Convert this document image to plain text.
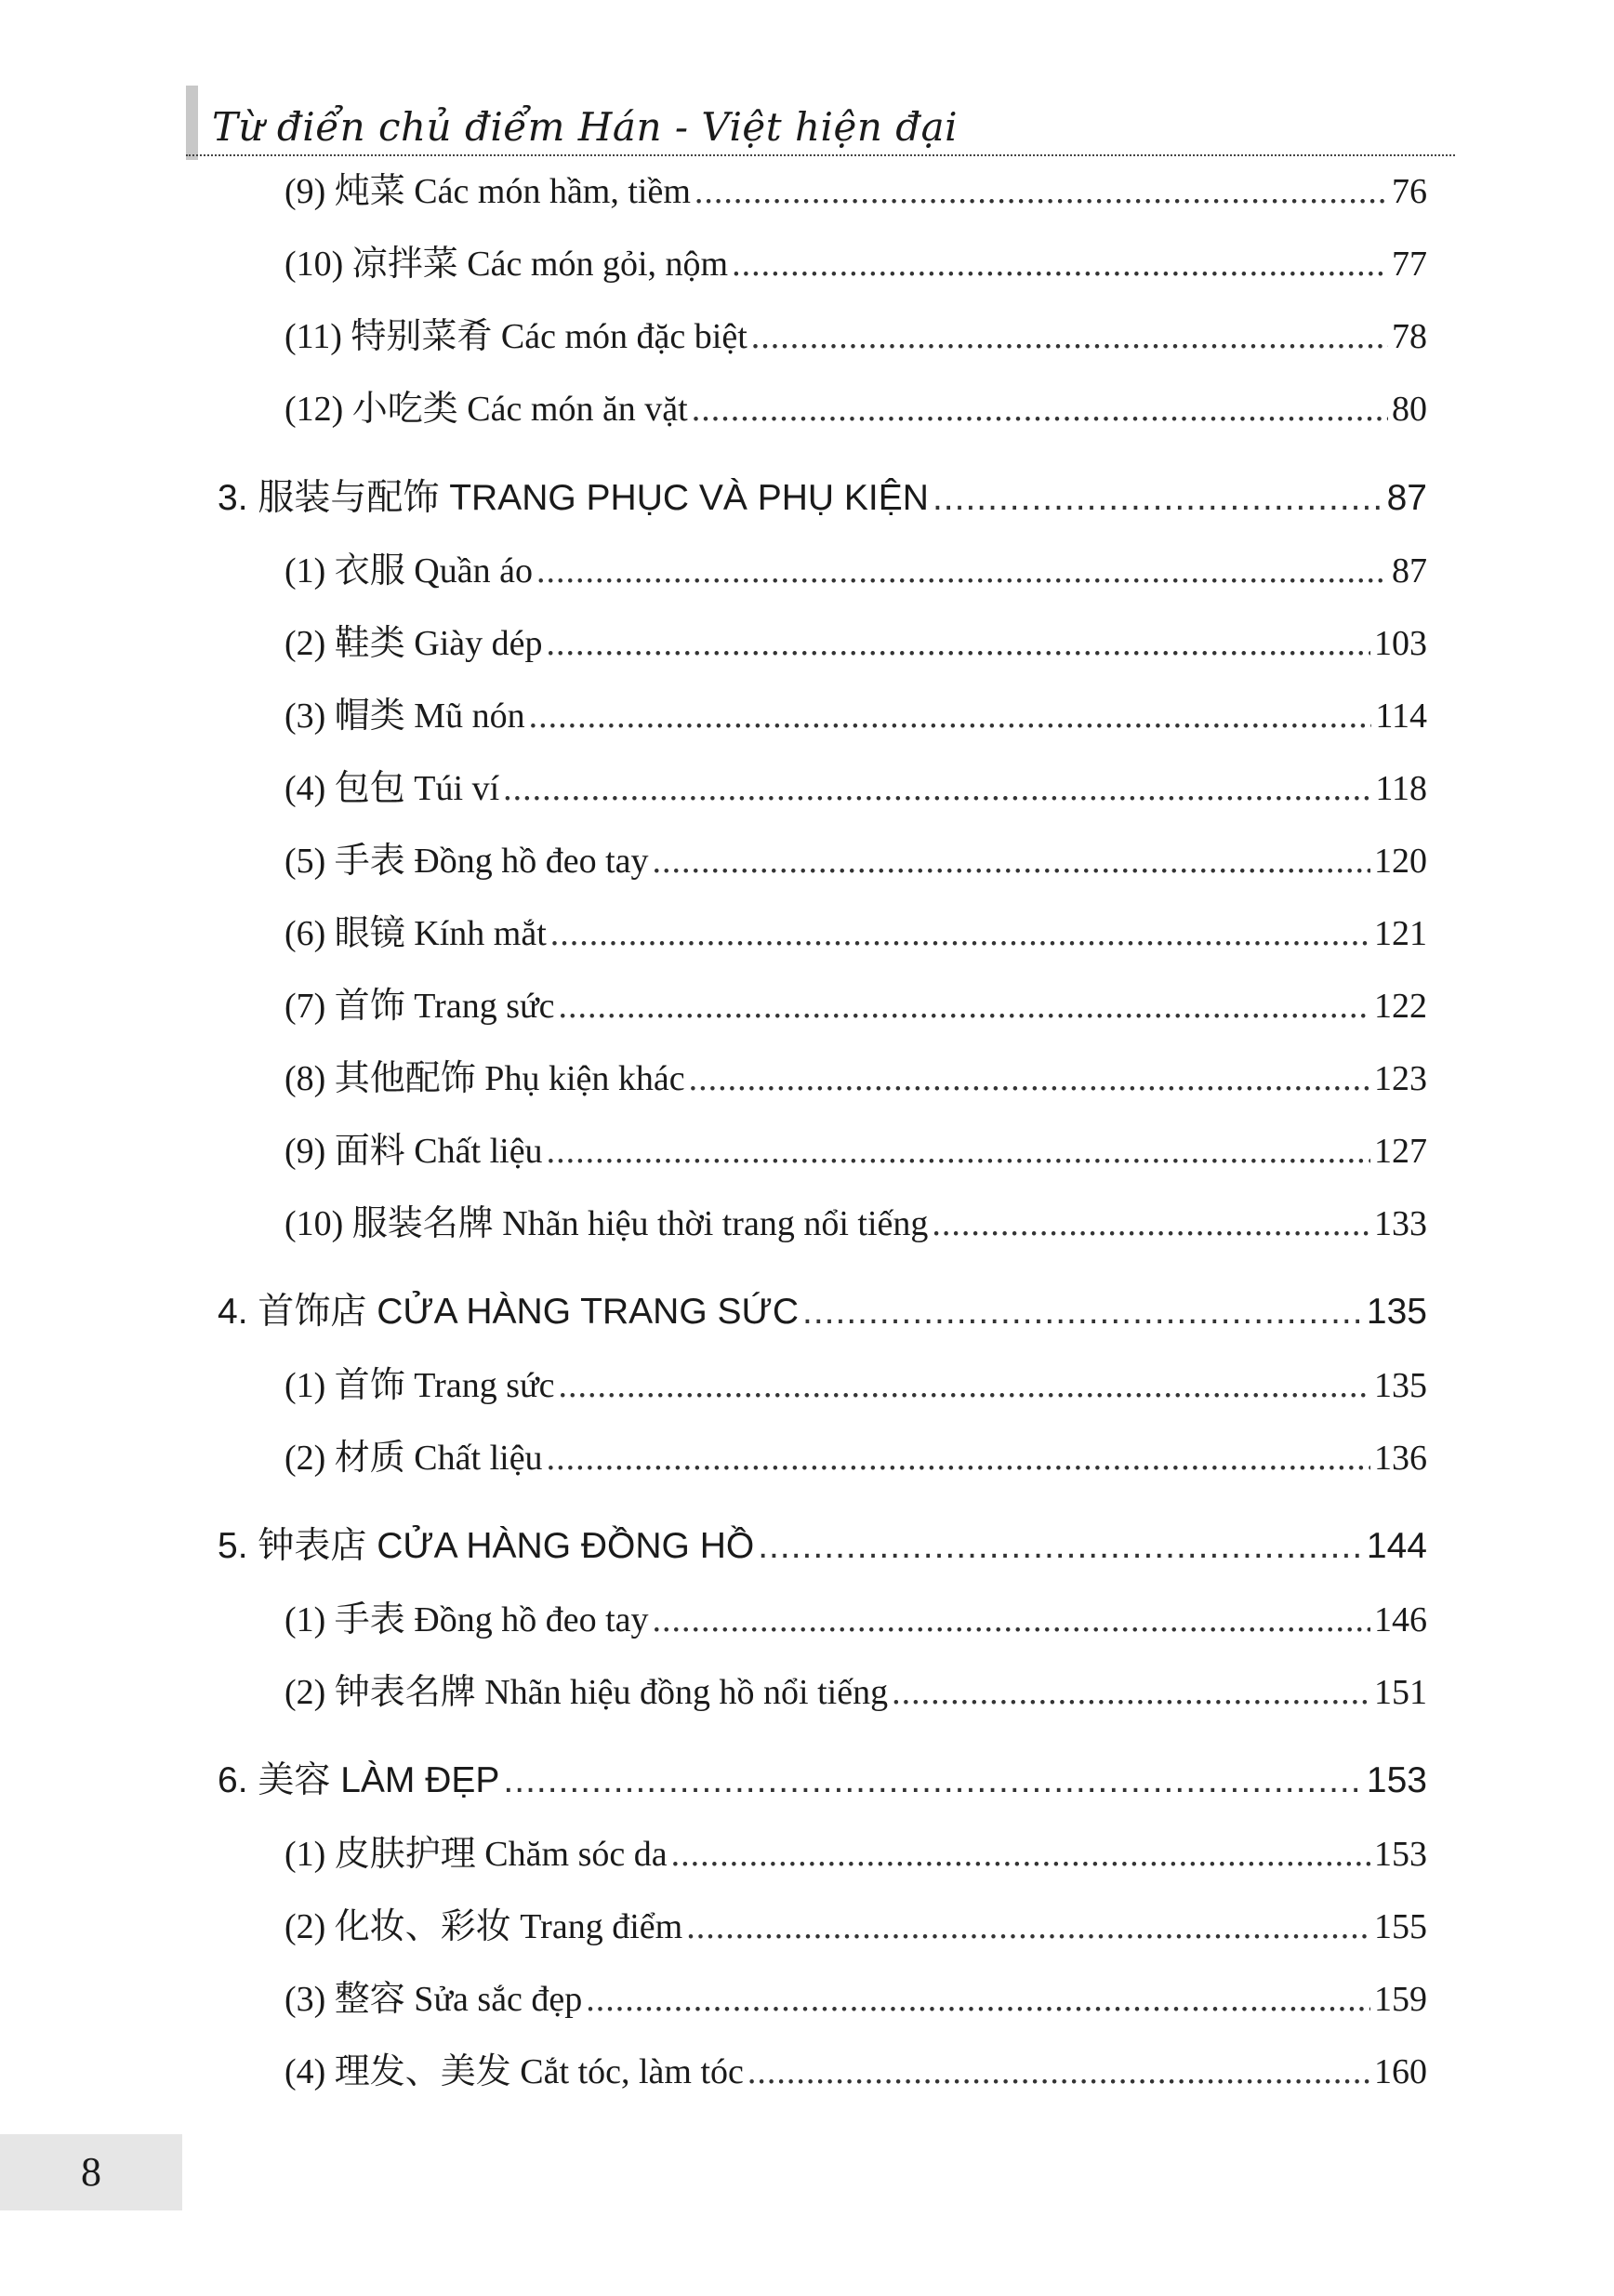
Từ điển chủ điểm Hán - Việt hiện đại
(9) 炖菜 Các món hầm, tiềm .....	76
(10) 凉拌菜 Các món gỏi, nộm .....	77
(11) 特别菜肴 Các món đặc biệt .....	78
(12) 小吃类 Các món ăn vặt .....	80
3. 服装与配饰 TRANG PHỤC VÀ PHỤ KIỆN .....	87
(1) 衣服 Quần áo .....	87
(2) 鞋类 Giày dép .....	103
(3) 帽类 Mũ nón .....	114
(4) 包包 Túi ví .....	118
(5) 手表 Đồng hồ đeo tay .....	120
(6) 眼镜 Kính mắt .....	121
(7) 首饰 Trang sức .....	122
(8) 其他配饰 Phụ kiện khác .....	123
(9) 面料 Chất liệu .....	127
(10) 服装名牌 Nhãn hiệu thời trang nổi tiếng .....	133
4. 首饰店 CỬA HÀNG TRANG SỨC .....	135
(1) 首饰 Trang sức .....	135
(2) 材质 Chất liệu .....	136
5. 钟表店 CỬA HÀNG ĐỒNG HỒ .....	144
(1) 手表 Đồng hồ đeo tay .....	146
(2) 钟表名牌 Nhãn hiệu đồng hồ nổi tiếng .....	151
6. 美容 LÀM ĐẸP .....	153
(1) 皮肤护理 Chăm sóc da .....	153
(2) 化妆、彩妆 Trang điểm .....	155
(3) 整容 Sửa sắc đẹp .....	159
(4) 理发、美发 Cắt tóc, làm tóc .....	160
8
